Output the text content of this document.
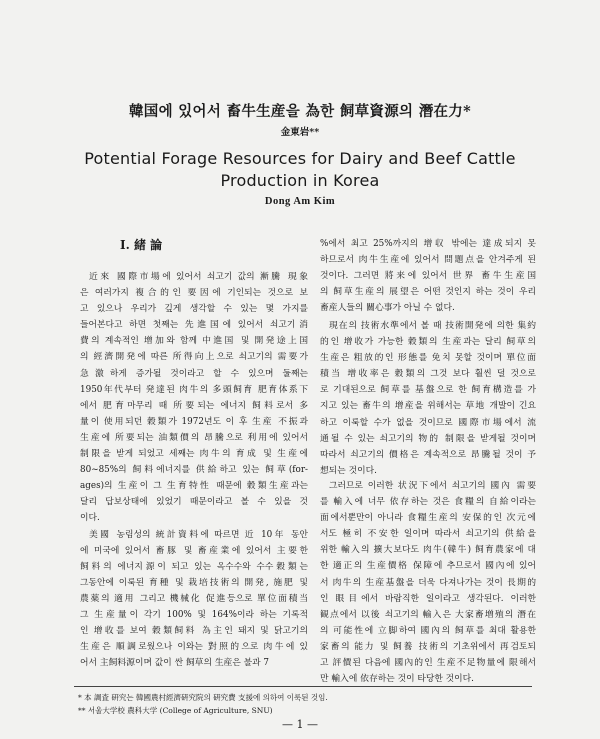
韓国에 있어서 畜牛生産을 為한 飼草資源의 潛在力*
金東岩**
Potential Forage Resources for Dairy and Beef Cattle
Production in Korea
Dong Am Kim
I. 緒 論
近來 國際市場에 있어서 쇠고기 값의 漸騰 現象
은 여러가지 複合的인 要因에 기인되는 것으로 보
고 있으나 우리가 깊게 생각할 수 있는 몇 가지를
들어본다고 하면 첫째는 先進国에 있어서 쇠고기消
費의 계속적인 增加와 함께 中進国 및 開発途上国
의 經濟開発에 따른 所得向上으로 쇠고기의 需要가
急激하게 증가될 것이라고 할 수 있으며 둘째는
1950年代부터 発達된 肉牛의 多頭飼育 肥育体系下
에서 肥育마무리 때 所要되는 에너지 飼料로서 多
量이 使用되던 穀類가 1972년도 이 후 生産 不振과
生産에 所要되는 油類價의 昂騰으로 利用에 있어서
制限을 받게 되었고 세째는 肉牛의 育成 및 生産에
80~85%의 飼料에너지를 供給하고 있는 飼草(for-
ages)의 生産이 그 生育特性 때문에 穀類生産과는
달리 답보상태에 있었기 때문이라고 볼 수 있을 것
이다.
美國 농림성의 統計資料에 따르면 近 10年 동안
에 미국에 있어서 畜豚 및 畜産業에 있어서 主要한
飼料의 에너지源이 되고 있는 옥수수와 수수穀類는
그동안에 이룩된 育種 및 栽培技術의 開発, 施肥 및
農薬의 適用 그리고 機械化 促進등으로 單位面積当
그 生産量이 각기 100% 및 164%이라 하는 기록적
인 增收를 보여 穀類飼料 為主인 돼지 및 닭고기의
生産은 順調로웠으나 이와는 對照的으로 肉牛에 있
어서 主飼料源이며 값이 싼 飼草의 生産은 불과 7
%에서 최고 25%까지의 增収 밖에는 達成되지 못
하므로서 肉牛生産에 있어서 問題点을 안겨주게 된
것이다. 그러면 將来에 있어서 世界 畜牛生産国
의 飼草生産의 展望은 어떤 것인지 하는 것이 우리
畜産人들의 關心事가 아닐 수 없다.
現在의 技術水準에서 볼 때 技術開発에 의한 集約
的인 增收가 가능한 穀類의 生産과는 달리 飼草의
生産은 粗放的인 形態를 免치 못할 것이며 單位面
積当 增收率은 穀類의 그것 보다 훨씬 덜 것으로
로 기대된으로 飼草를 基盤으로 한 飼育構造를 가
지고 있는 畜牛의 增産을 위해서는 草地 개발이 긴요
하고 이룩할 수가 없을 것이므로 國際市場에서 流
通될 수 있는 쇠고기의 物的 制限을 받게될 것이며
따라서 쇠고기의 價格은 계속적으로 昂騰될 것이 予
想되는 것이다.
그러므로 이러한 状況下에서 쇠고기의 國內 需要
를 輸入에 너무 依存하는 것은 食糧의 自給이라는
面에서뿐만이 아니라 食糧生産의 安保的인 次元에
서도 極히 不安한 일이며 따라서 쇠고기의 供給을
위한 輸入의 擴大보다도 肉牛(韓牛) 飼育農家에 대
한 適正의 生産價格 保障에 추므로서 國內에 있어
서 肉牛의 生産基盤을 더욱 다져나가는 것이 長期的
인 眼目에서 바람직한 일이라고 생각된다. 이러한
観点에서 以後 쇠고기의 輸入은 大家畜増殖의 潛在
의 可能性에 立脚하여 國內의 飼草를 최대 활용한
家畜의 能力 및 飼養 技術의 기초위에서 再검토되
고 評價된 다음에 國內的인 生産不足物量에 限해서
만 輸入에 依存하는 것이 타당한 것이다.
* 本 調査 硏究는 韓國農村經濟硏究院의 硏究費 支援에 의하여 이룩된 것임.
** 서울大学校 農科大学 (College of Agriculture, SNU)
— 1 —
